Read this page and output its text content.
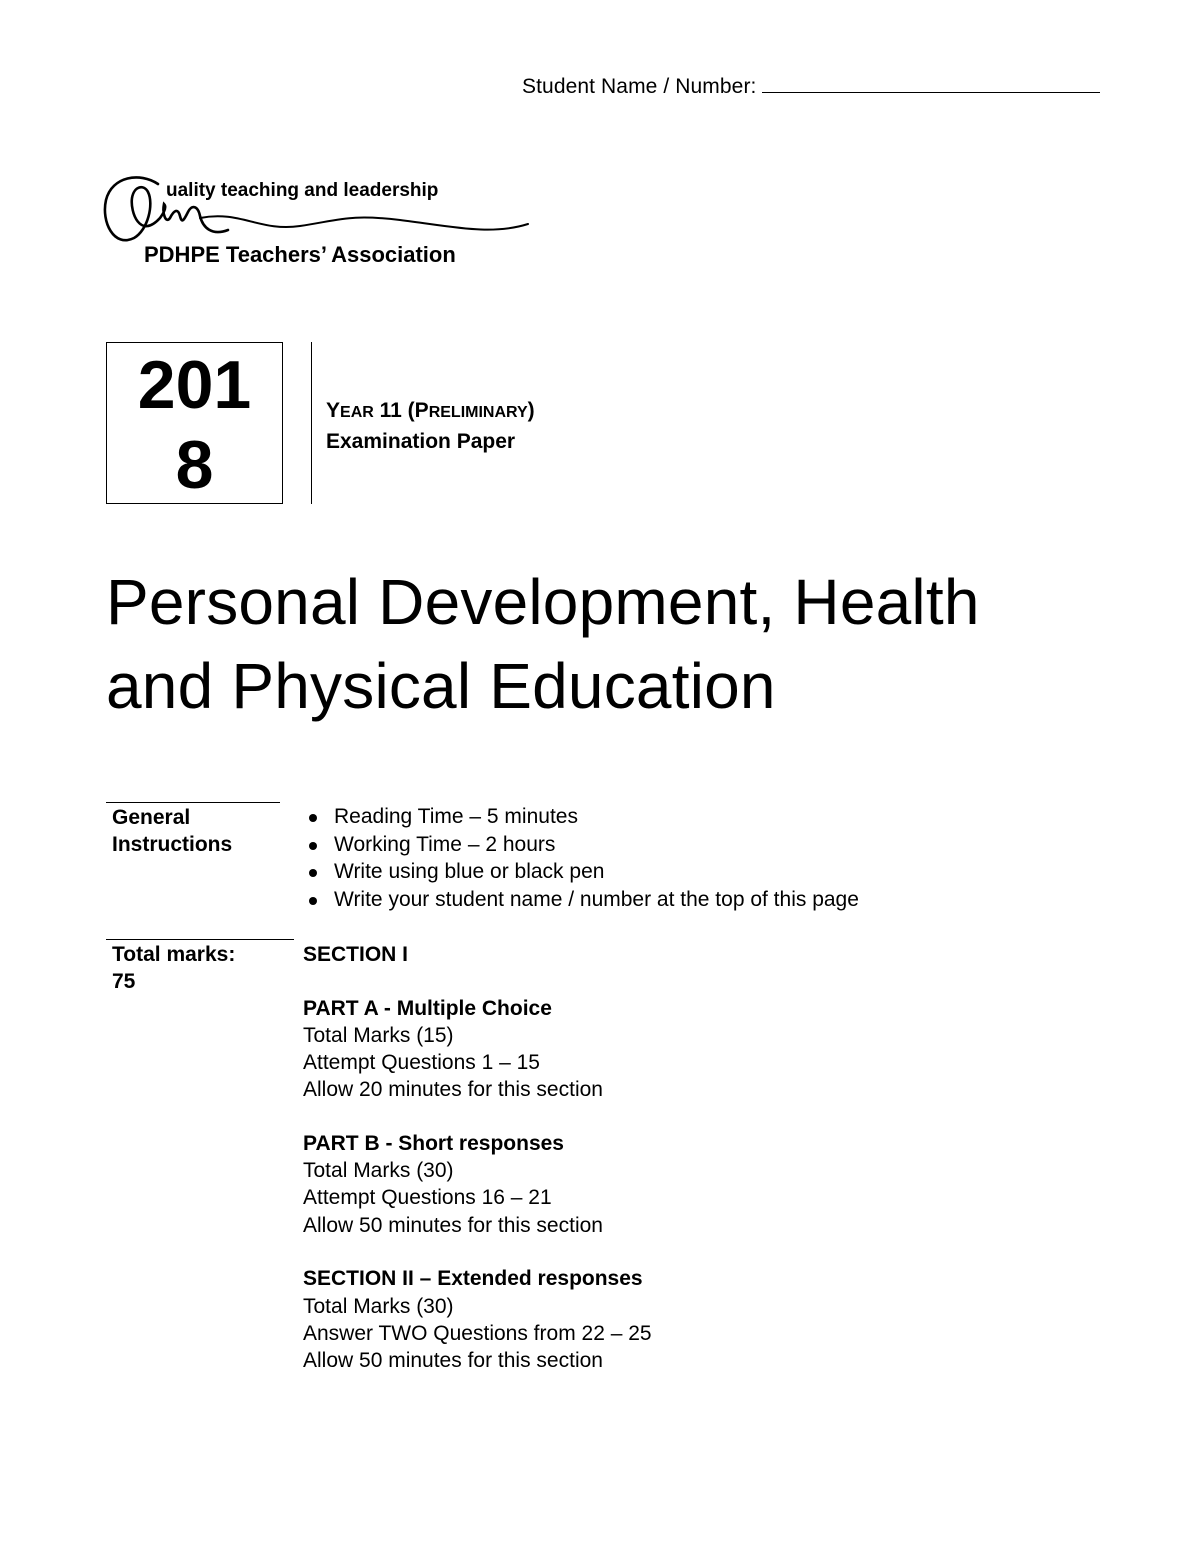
Student Name / Number:
uality teaching and leadership
PDHPE Teachers’ Association
201
8
YEAR 11 (PRELIMINARY)
Examination Paper
Personal Development, Health
and Physical Education
General
Instructions
Reading Time – 5 minutes
Working Time – 2 hours
Write using blue or black pen
Write your student name / number at the top of this page
Total marks:
75
SECTION I
PART A - Multiple Choice
Total Marks (15)
Attempt Questions 1 – 15
Allow 20 minutes for this section
PART B - Short responses
Total Marks (30)
Attempt Questions 16 – 21
Allow 50 minutes for this section
SECTION II – Extended responses
Total Marks (30)
Answer TWO Questions from 22 – 25
Allow 50 minutes for this section
